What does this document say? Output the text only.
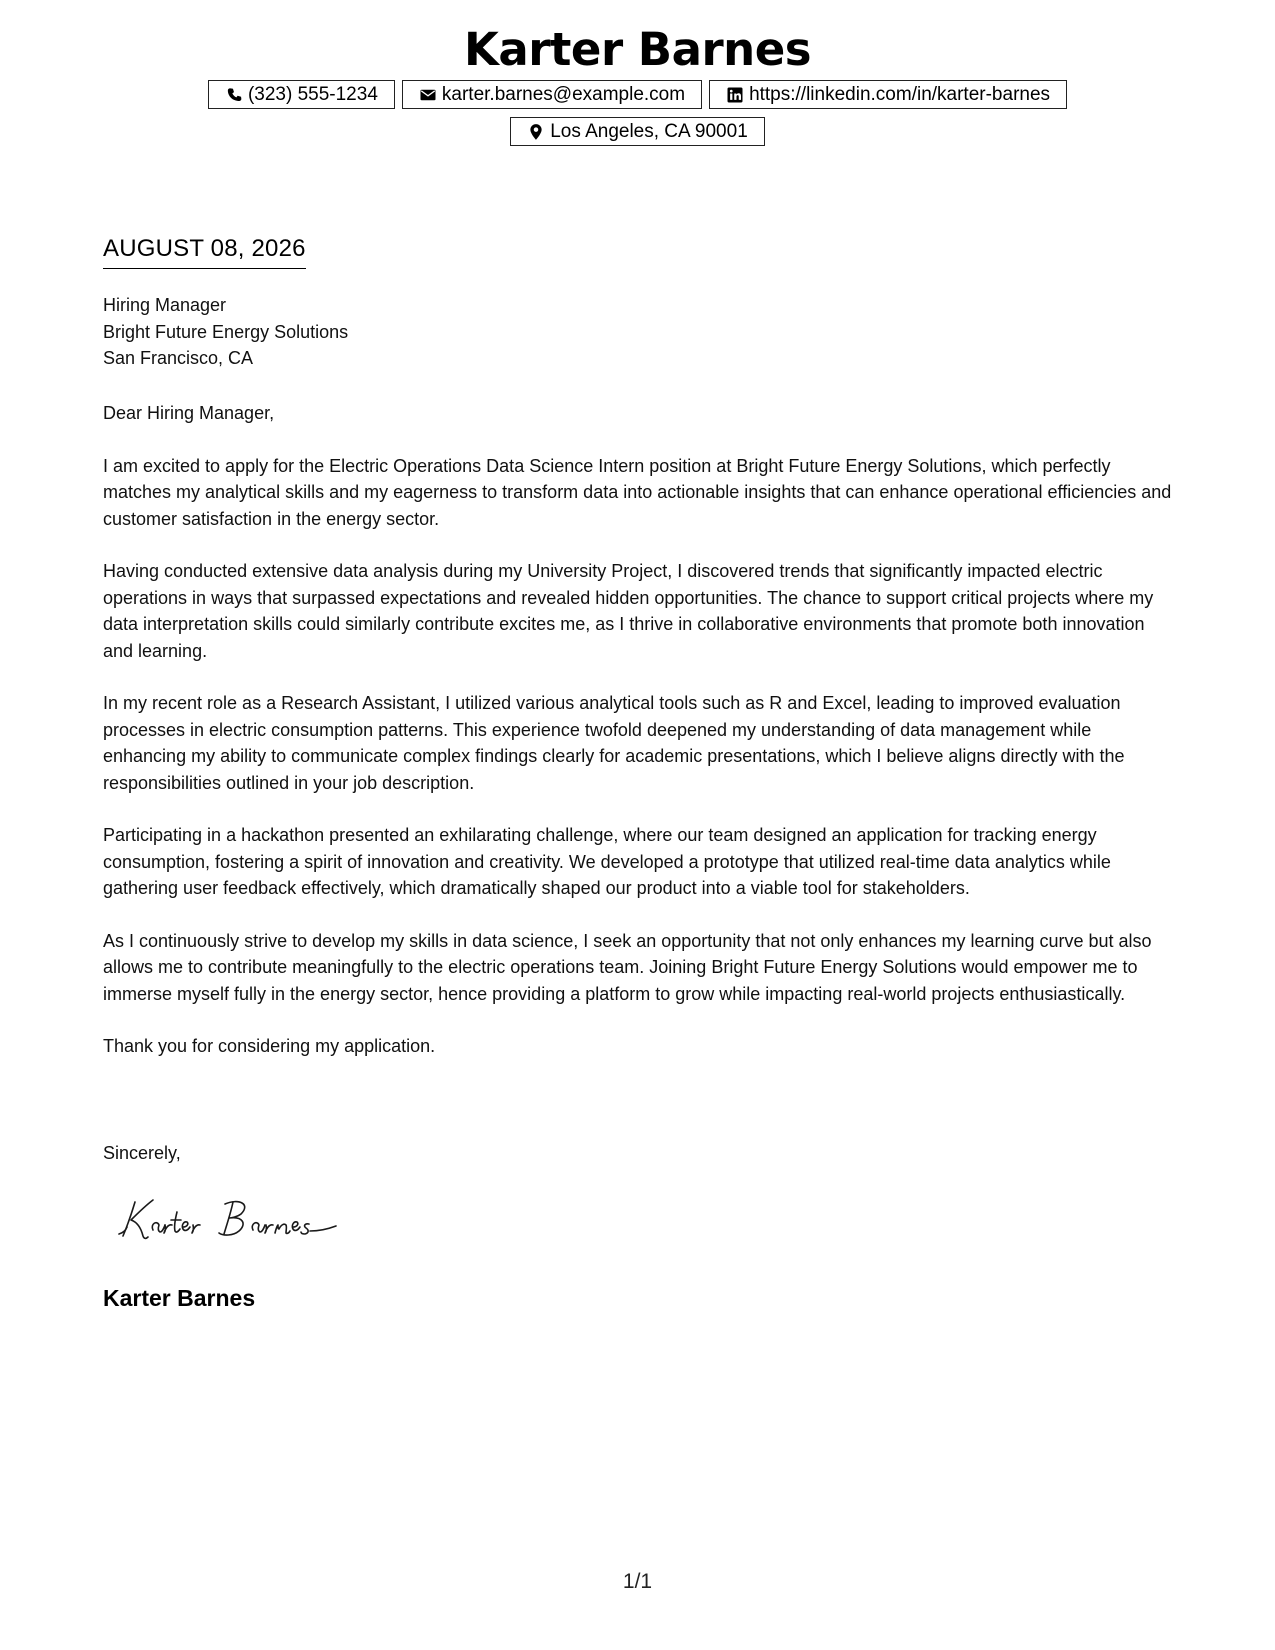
Karter Barnes
(323) 555-1234	karter.barnes@example.com	https://linkedin.com/in/karter-barnes
Los Angeles, CA 90001
AUGUST 08, 2026
Hiring Manager
Bright Future Energy Solutions
San Francisco, CA

Dear Hiring Manager,

I am excited to apply for the Electric Operations Data Science Intern position at Bright Future Energy Solutions, which perfectly matches my analytical skills and my eagerness to transform data into actionable insights that can enhance operational efficiencies and customer satisfaction in the energy sector.

Having conducted extensive data analysis during my University Project, I discovered trends that significantly impacted electric operations in ways that surpassed expectations and revealed hidden opportunities. The chance to support critical projects where my data interpretation skills could similarly contribute excites me, as I thrive in collaborative environments that promote both innovation and learning.

In my recent role as a Research Assistant, I utilized various analytical tools such as R and Excel, leading to improved evaluation processes in electric consumption patterns. This experience twofold deepened my understanding of data management while enhancing my ability to communicate complex findings clearly for academic presentations, which I believe aligns directly with the responsibilities outlined in your job description.

Participating in a hackathon presented an exhilarating challenge, where our team designed an application for tracking energy consumption, fostering a spirit of innovation and creativity. We developed a prototype that utilized real-time data analytics while gathering user feedback effectively, which dramatically shaped our product into a viable tool for stakeholders.

As I continuously strive to develop my skills in data science, I seek an opportunity that not only enhances my learning curve but also allows me to contribute meaningfully to the electric operations team. Joining Bright Future Energy Solutions would empower me to immerse myself fully in the energy sector, hence providing a platform to grow while impacting real-world projects enthusiastically.

Thank you for considering my application.

Sincerely,
Karter Barnes
1/1
